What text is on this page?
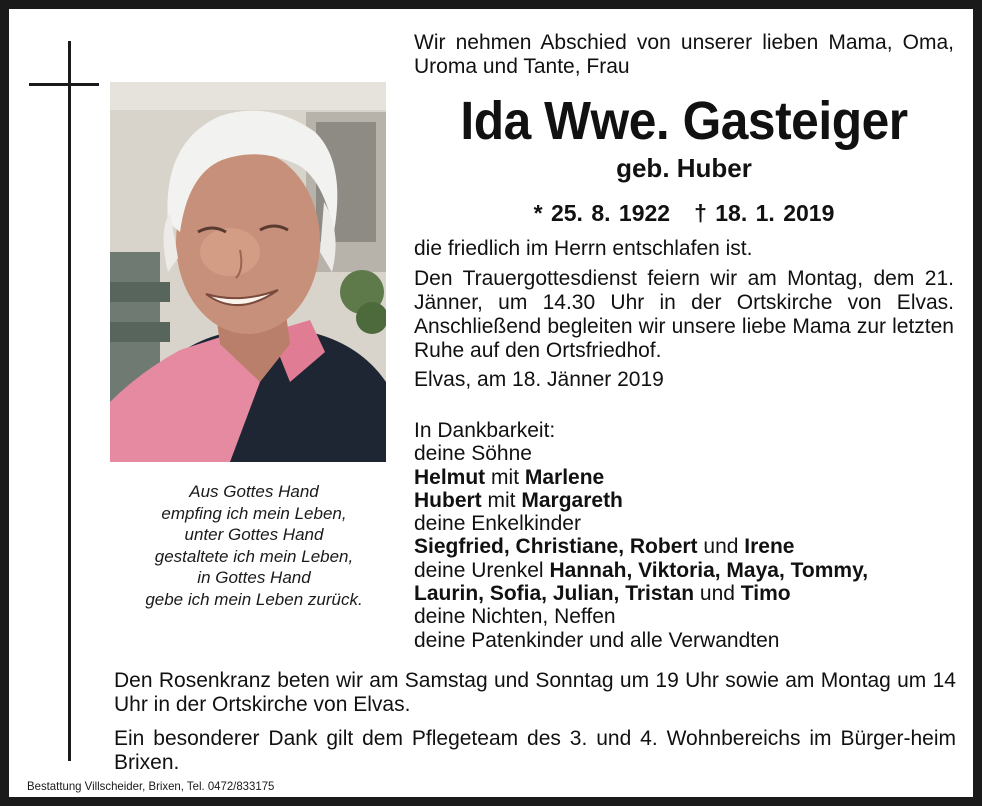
Aus Gottes Hand
empfing ich mein Leben,
unter Gottes Hand
gestaltete ich mein Leben,
in Gottes Hand
gebe ich mein Leben zurück.
Wir nehmen Abschied von unserer lieben Mama, Oma, Uroma und Tante, Frau
Ida Wwe. Gasteiger
geb. Huber
* 25. 8. 1922 † 18. 1. 2019
die friedlich im Herrn entschlafen ist.
Den Trauergottesdienst feiern wir am Montag, dem 21. Jänner, um 14.30 Uhr in der Ortskirche von Elvas. Anschließend begleiten wir unsere liebe Mama zur letzten Ruhe auf den Ortsfriedhof.
Elvas, am 18. Jänner 2019
In Dankbarkeit:
deine Söhne
Helmut mit Marlene
Hubert mit Margareth
deine Enkelkinder
Siegfried, Christiane, Robert und Irene
deine Urenkel Hannah, Viktoria, Maya, Tommy,
Laurin, Sofia, Julian, Tristan und Timo
deine Nichten, Neffen
deine Patenkinder und alle Verwandten
Den Rosenkranz beten wir am Samstag und Sonntag um 19 Uhr sowie am Montag um 14 Uhr in der Ortskirche von Elvas.
Ein besonderer Dank gilt dem Pflegeteam des 3. und 4. Wohnbereichs im Bürger-heim Brixen.
Bestattung Villscheider, Brixen, Tel. 0472/833175
